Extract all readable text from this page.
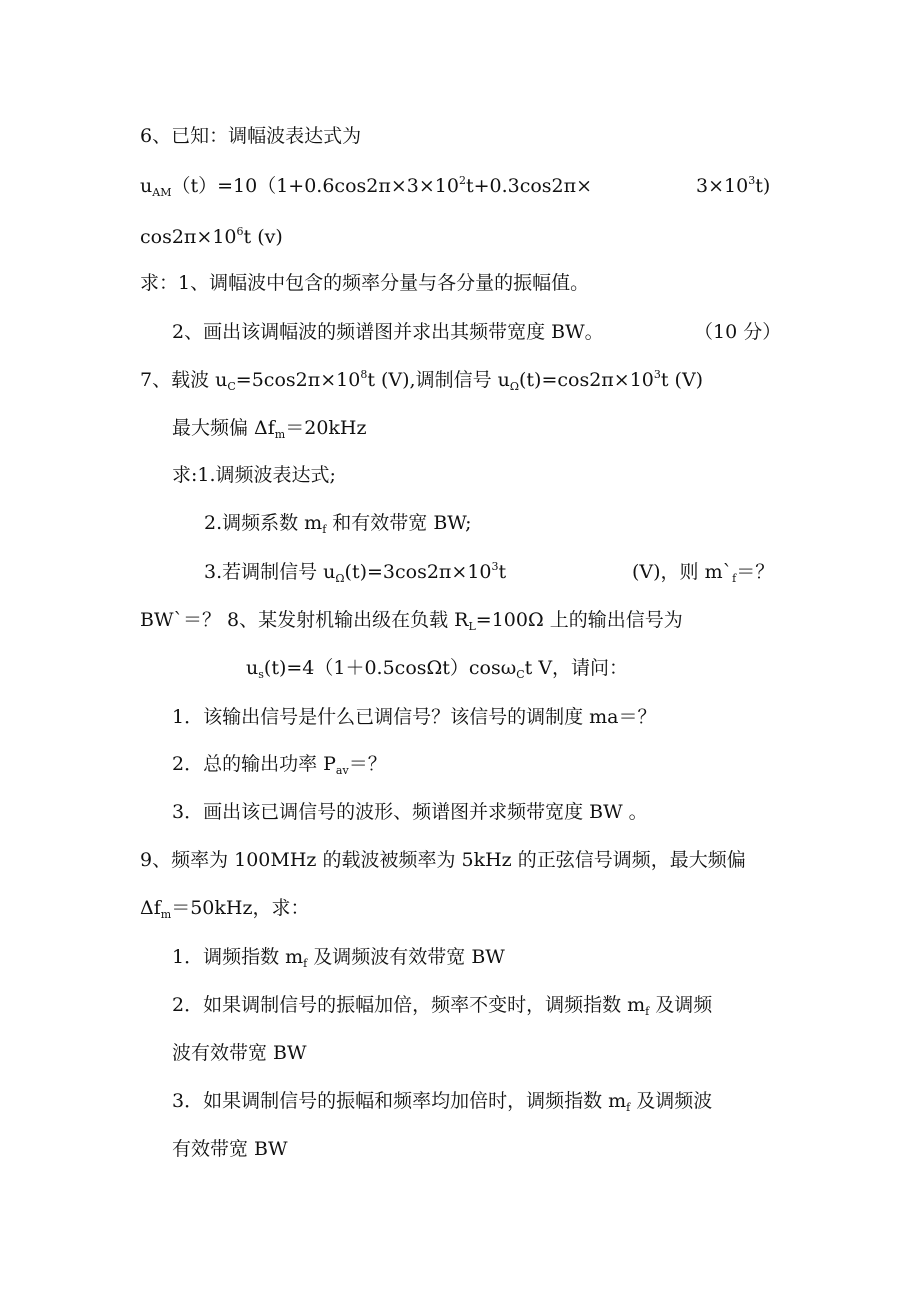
6、已知：调幅波表达式为
$u_{AM}(t)=10(1+0.6\cos 2\pi\times 3\times 10^2t+0.3\cos 2\pi\times$	$3\times 10^3t$)
$\cos 2\pi\times 10^6t$ (v)
求：1、调幅波中包含的频率分量与各分量的振幅值。
2、画出该调幅波的频谱图并求出其频带宽度 BW。	（10 分）
7、载波 $u_C=5\cos 2\pi\times 10^8t$ (V),调制信号 $u_\Omega(t)=\cos 2\pi\times 10^3t$ (V)
最大频偏 $\Delta f_m=20kHz$
求:1.调频波表达式;
2.调频系数 $m_f$ 和有效带宽 BW;
3.若调制信号 $u_\Omega(t)=3\cos 2\pi\times 10^3t$	(V)，则 $m`_f=$？
BW`＝？ 8、某发射机输出级在负载 $R_L=100\Omega$ 上的输出信号为
$u_s(t)=4(1+0.5\cos\Omega t)\cos\omega_Ct$ V，请问：
1．该输出信号是什么已调信号？该信号的调制度 ma＝？
2．总的输出功率 $P_{av}=$？
3．画出该已调信号的波形、频谱图并求频带宽度 BW 。
9、频率为 100MHz 的载波被频率为 5kHz 的正弦信号调频，最大频偏
$\Delta f_m=50kHz$，求：
1．调频指数 $m_f$ 及调频波有效带宽 BW
2．如果调制信号的振幅加倍，频率不变时，调频指数 $m_f$ 及调频
波有效带宽 BW
3．如果调制信号的振幅和频率均加倍时，调频指数 $m_f$ 及调频波
有效带宽 BW
